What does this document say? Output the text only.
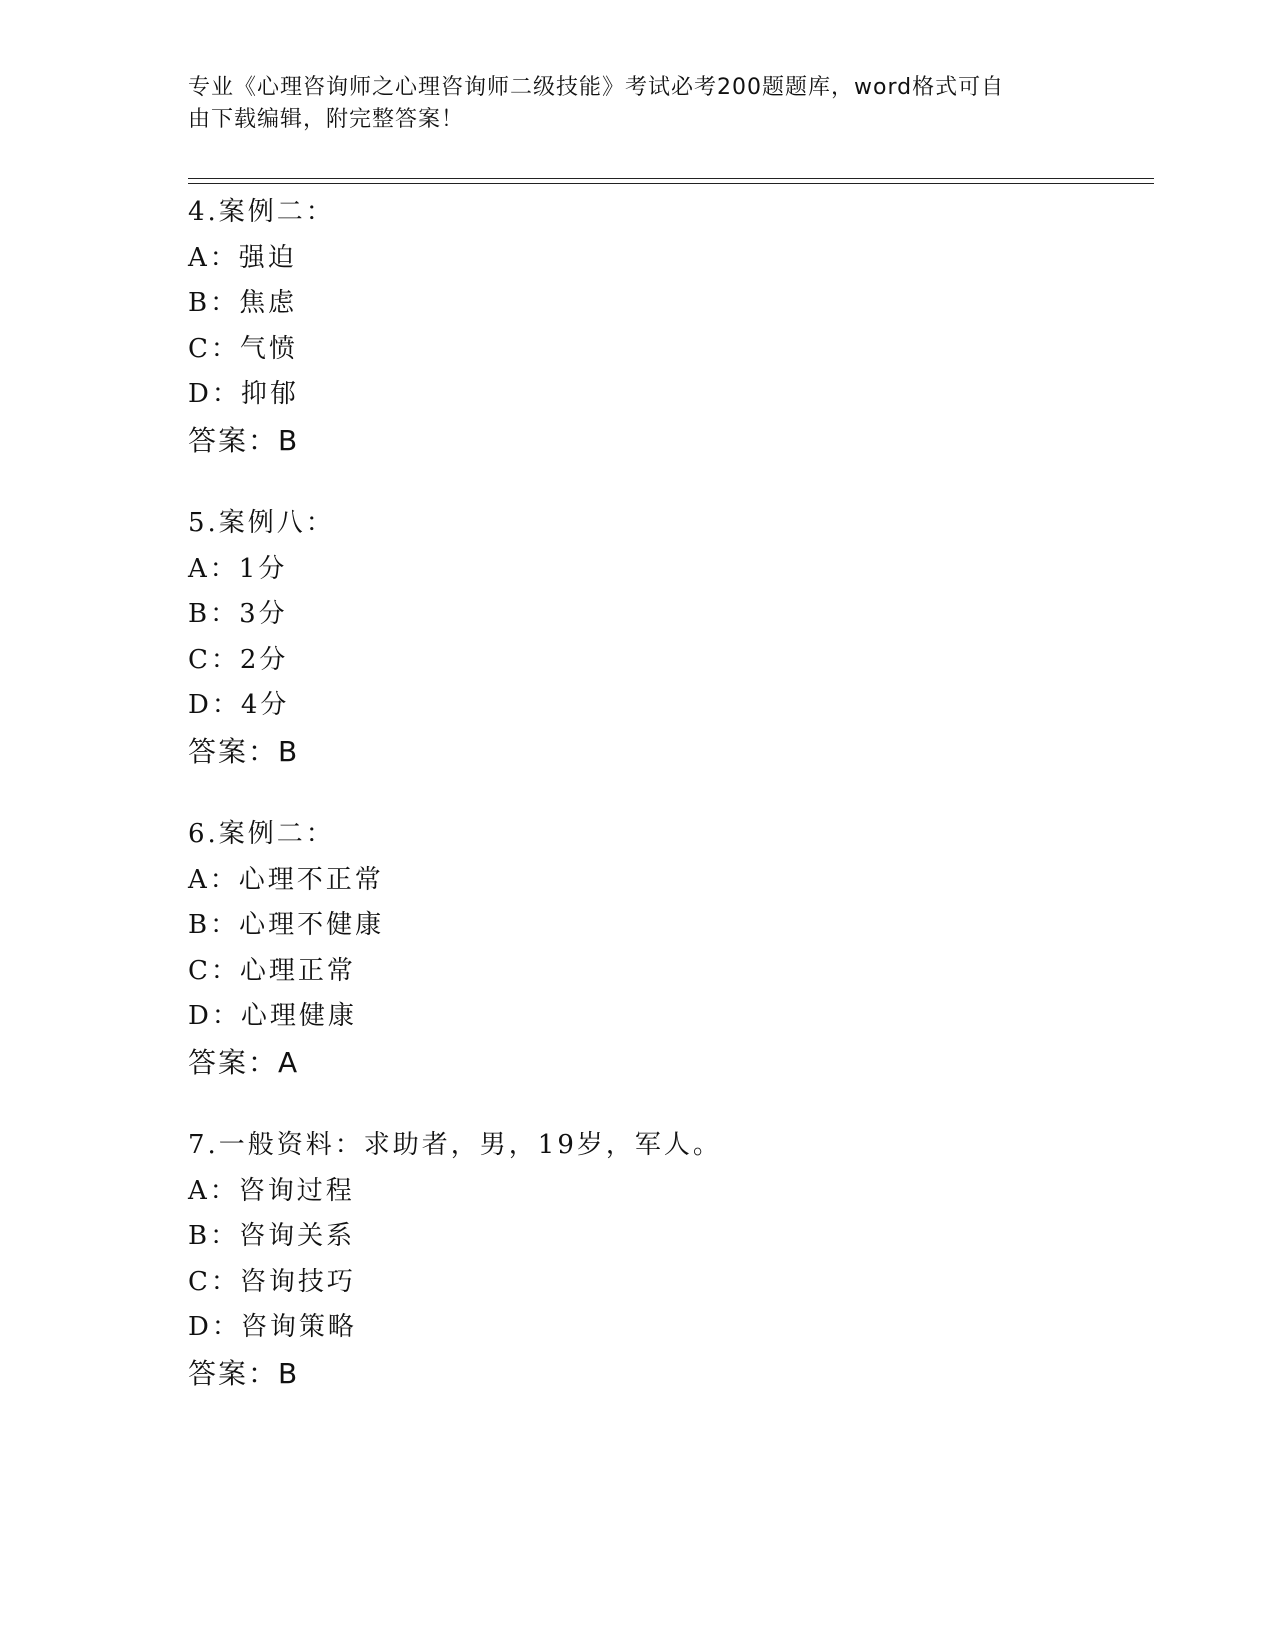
专业《心理咨询师之心理咨询师二级技能》考试必考200题题库，word格式可自
由下载编辑，附完整答案！
4.案例二：
A：强迫
B：焦虑
C：气愤
D：抑郁
答案：B
5.案例八：
A：1分
B：3分
C：2分
D：4分
答案：B
6.案例二：
A：心理不正常
B：心理不健康
C：心理正常
D：心理健康
答案：A
7.一般资料：求助者，男，19岁，军人。
A：咨询过程
B：咨询关系
C：咨询技巧
D：咨询策略
答案：B
